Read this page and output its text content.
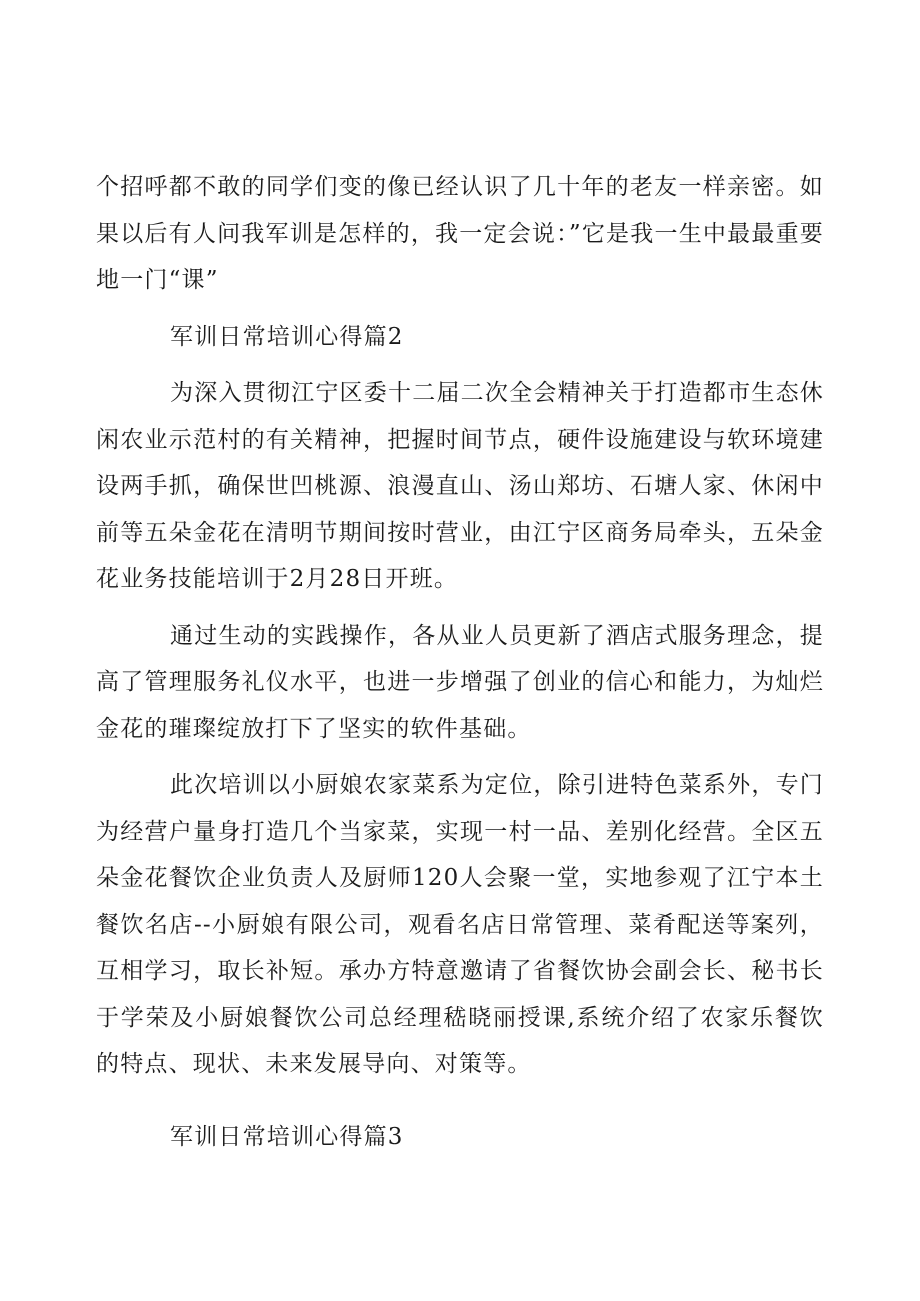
个招呼都不敢的同学们变的像已经认识了几十年的老友一样亲密。如果以后有人问我军训是怎样的，我一定会说：”它是我一生中最最重要地一门“课”

军训日常培训心得篇2

为深入贯彻江宁区委十二届二次全会精神关于打造都市生态休闲农业示范村的有关精神，把握时间节点，硬件设施建设与软环境建设两手抓，确保世凹桃源、浪漫直山、汤山郑坊、石塘人家、休闲中前等五朵金花在清明节期间按时营业，由江宁区商务局牵头，五朵金花业务技能培训于2月28日开班。

通过生动的实践操作，各从业人员更新了酒店式服务理念，提高了管理服务礼仪水平，也进一步增强了创业的信心和能力，为灿烂金花的璀璨绽放打下了坚实的软件基础。

此次培训以小厨娘农家菜系为定位，除引进特色菜系外，专门为经营户量身打造几个当家菜，实现一村一品、差别化经营。全区五朵金花餐饮企业负责人及厨师120人会聚一堂，实地参观了江宁本土餐饮名店--小厨娘有限公司，观看名店日常管理、菜肴配送等案列，互相学习，取长补短。承办方特意邀请了省餐饮协会副会长、秘书长于学荣及小厨娘餐饮公司总经理嵇晓丽授课,系统介绍了农家乐餐饮的特点、现状、未来发展导向、对策等。

军训日常培训心得篇3
